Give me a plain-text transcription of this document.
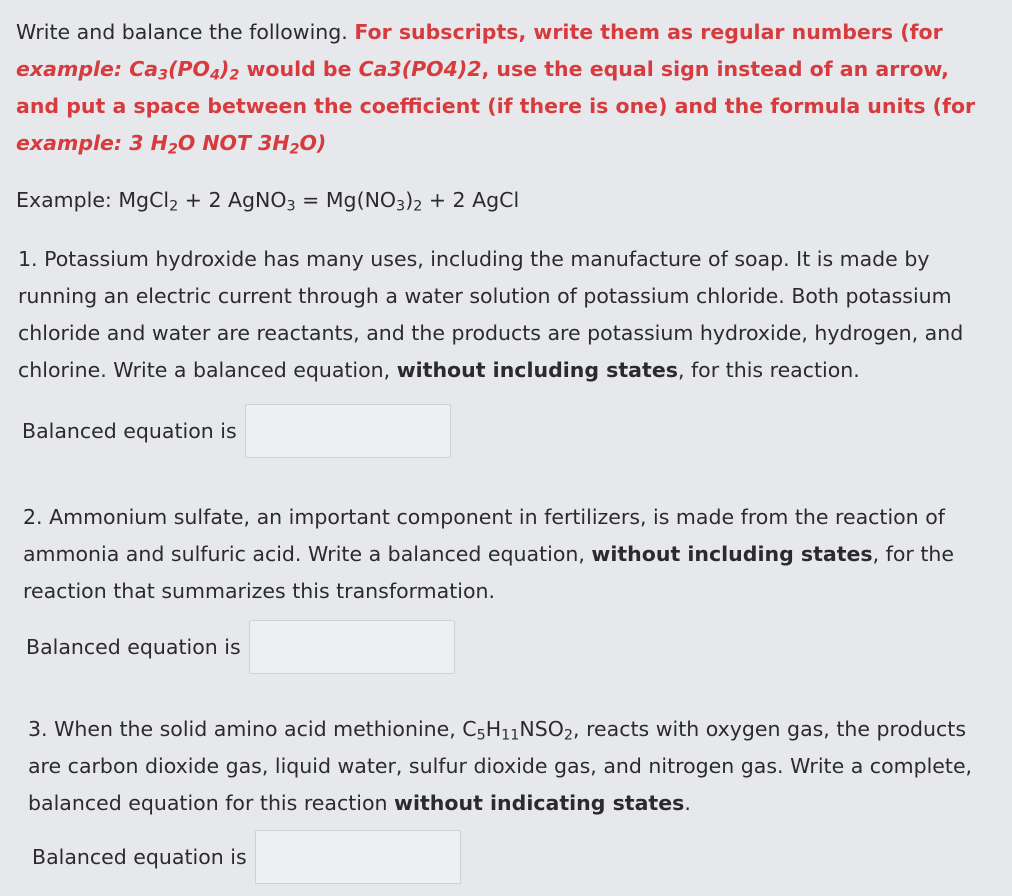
Write and balance the following. For subscripts, write them as regular numbers (for example: $Ca_3(PO_4)_2$ would be Ca3(PO4)2, use the equal sign instead of an arrow, and put a space between the coefficient (if there is one) and the formula units (for example: 3 $H_2O$ NOT $3H_2O$)

Example: MgCl$_2$ + 2 AgNO$_3$ = $Mg(NO_3)_2 + 2$ AgCl

1. Potassium hydroxide has many uses, including the manufacture of soap. It is made by running an electric current through a water solution of potassium chloride. Both potassium chloride and water are reactants, and the products are potassium hydroxide, hydrogen, and chlorine. Write a balanced equation, without including states, for this reaction.

Balanced equation is

2. Ammonium sulfate, an important component in fertilizers, is made from the reaction of ammonia and sulfuric acid. Write a balanced equation, without including states, for the reaction that summarizes this transformation.

Balanced equation is

3. When the solid amino acid methionine, $C_5H_{11}NSO_2$, reacts with oxygen gas, the products are carbon dioxide gas, liquid water, sulfur dioxide gas, and nitrogen gas. Write a complete, balanced equation for this reaction without indicating states.

Balanced equation is
